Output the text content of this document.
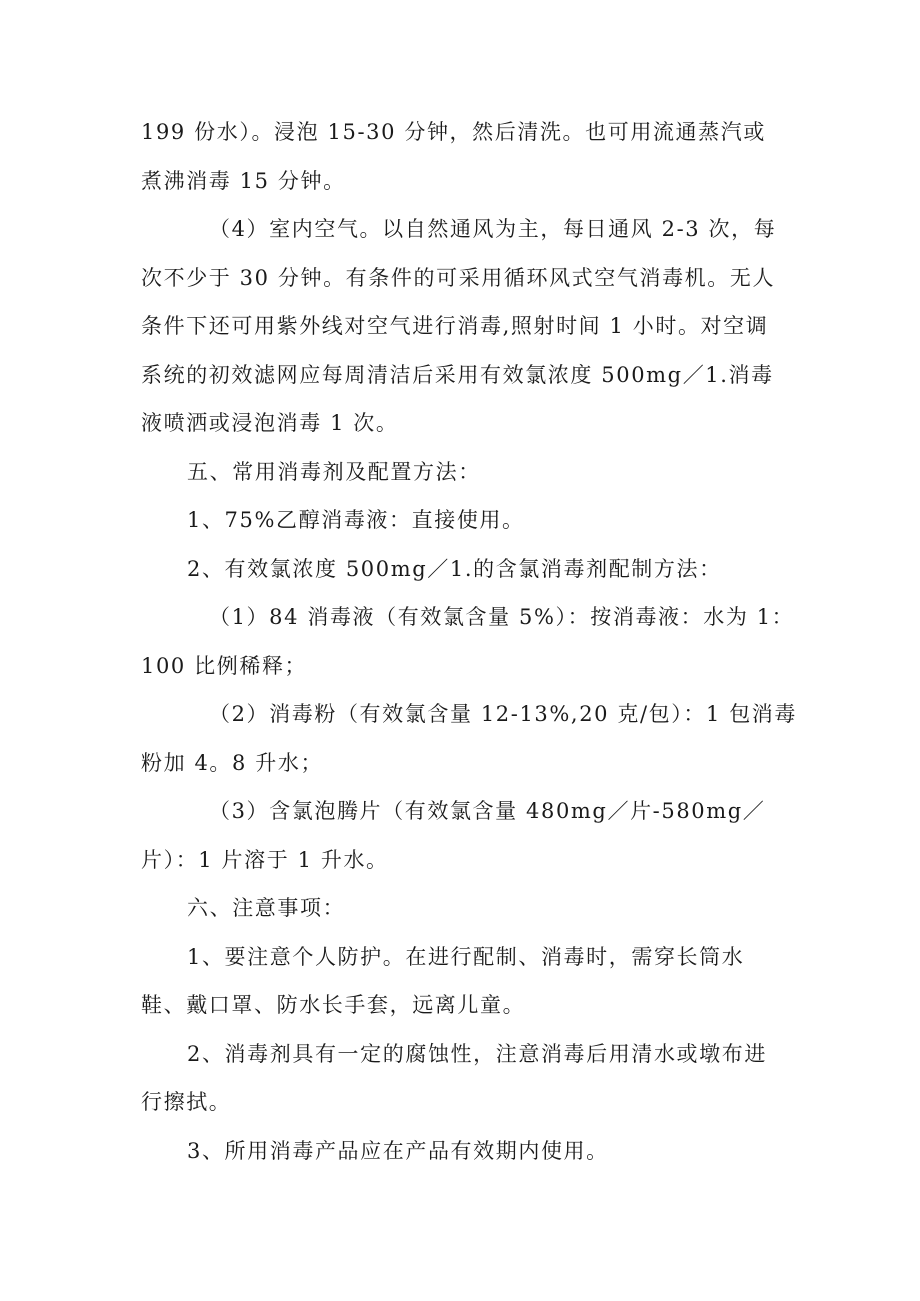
199 份水）。浸泡 15-30 分钟，然后清洗。也可用流通蒸汽或
煮沸消毒 15 分钟。
（4）室内空气。以自然通风为主，每日通风 2-3 次，每
次不少于 30 分钟。有条件的可采用循环风式空气消毒机。无人
条件下还可用紫外线对空气进行消毒,照射时间 1 小时。对空调
系统的初效滤网应每周清洁后采用有效氯浓度 500mg／1.消毒
液喷洒或浸泡消毒 1 次。
五、常用消毒剂及配置方法：
1、75%乙醇消毒液：直接使用。
2、有效氯浓度 500mg／1.的含氯消毒剂配制方法：
（1）84 消毒液（有效氯含量 5%）：按消毒液：水为 1：
100 比例稀释；
（2）消毒粉（有效氯含量 12-13%,20 克/包）：1 包消毒
粉加 4。8 升水；
（3）含氯泡腾片（有效氯含量 480mg／片-580mg／
片）：1 片溶于 1 升水。
六、注意事项：
1、要注意个人防护。在进行配制、消毒时，需穿长筒水
鞋、戴口罩、防水长手套，远离儿童。
2、消毒剂具有一定的腐蚀性，注意消毒后用清水或墩布进
行擦拭。
3、所用消毒产品应在产品有效期内使用。
